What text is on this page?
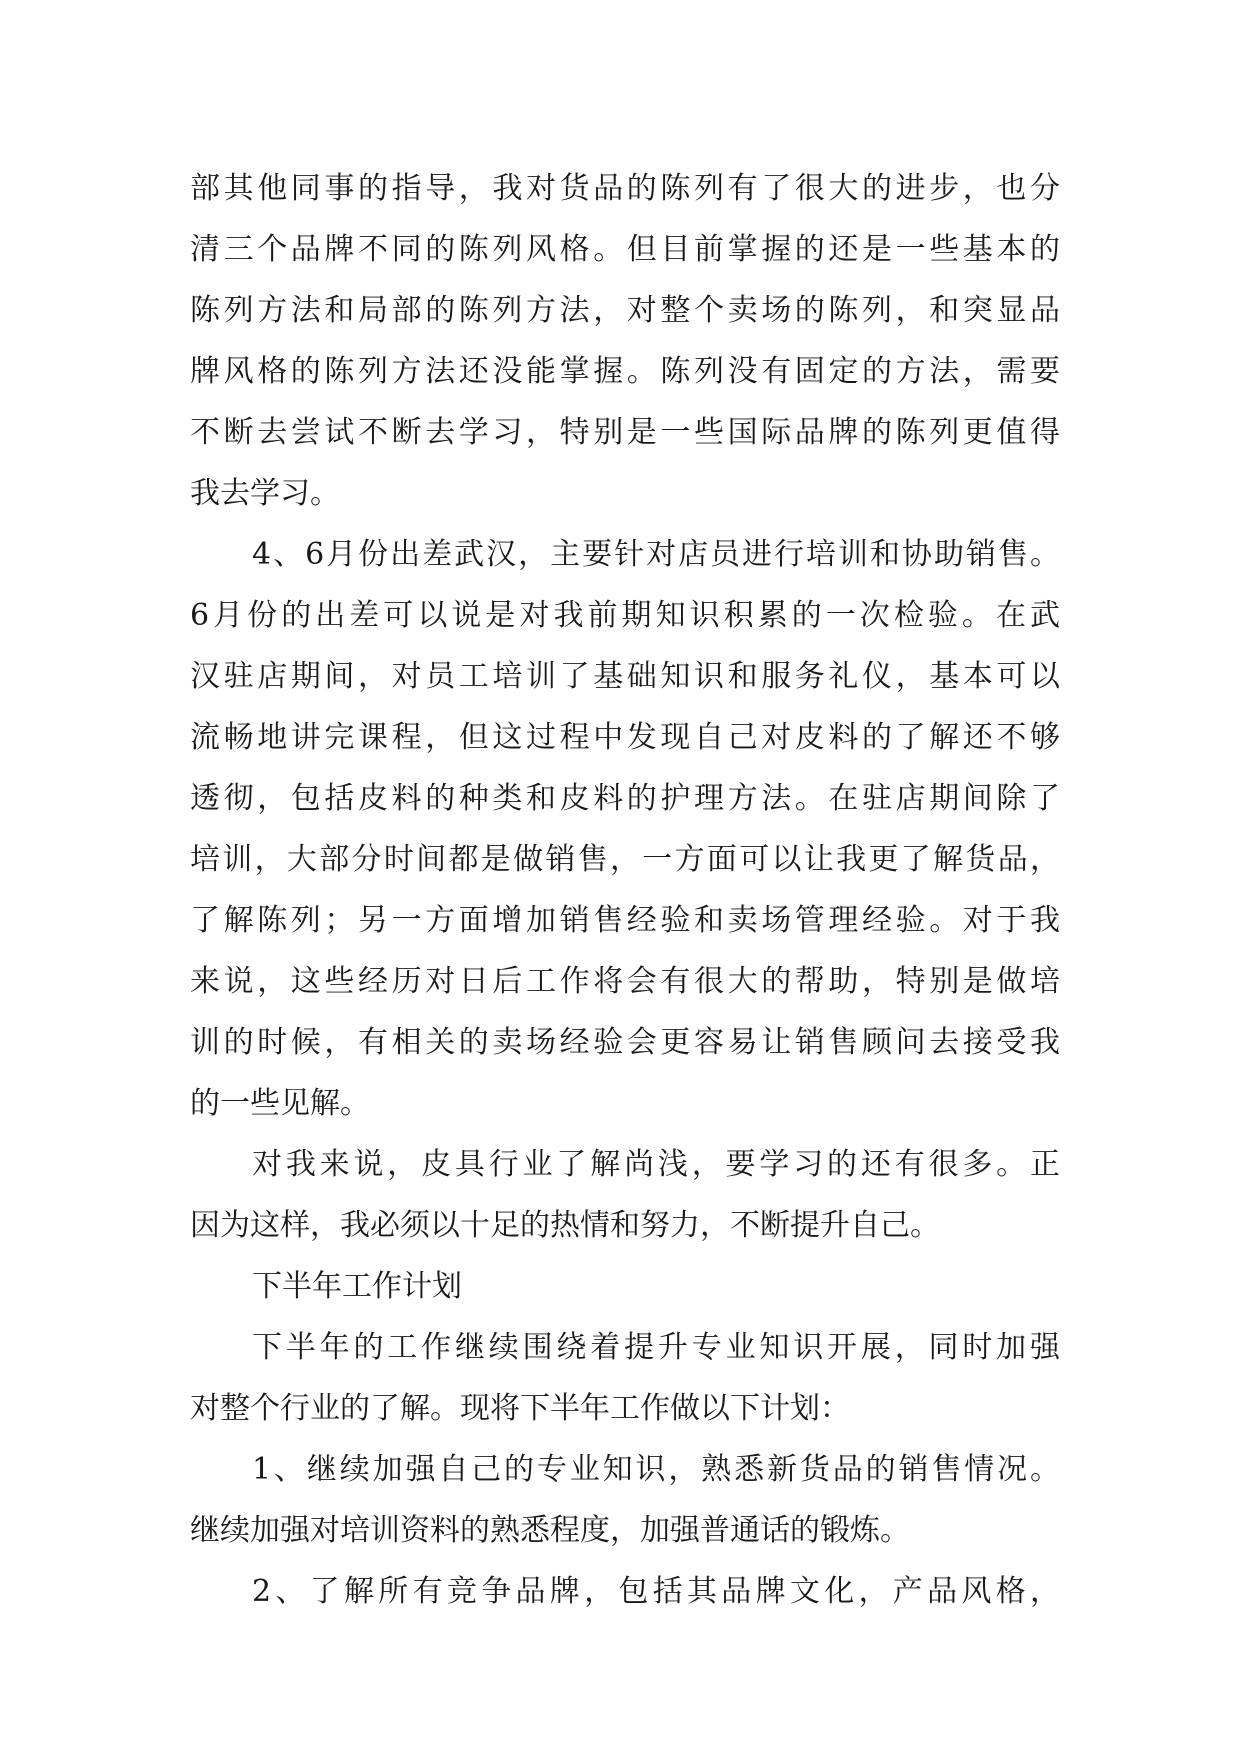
部其他同事的指导，我对货品的陈列有了很大的进步，也分
清三个品牌不同的陈列风格。但目前掌握的还是一些基本的
陈列方法和局部的陈列方法，对整个卖场的陈列，和突显品
牌风格的陈列方法还没能掌握。陈列没有固定的方法，需要
不断去尝试不断去学习，特别是一些国际品牌的陈列更值得
我去学习。
4、6月份出差武汉，主要针对店员进行培训和协助销售。
6月份的出差可以说是对我前期知识积累的一次检验。在武
汉驻店期间，对员工培训了基础知识和服务礼仪，基本可以
流畅地讲完课程，但这过程中发现自己对皮料的了解还不够
透彻，包括皮料的种类和皮料的护理方法。在驻店期间除了
培训，大部分时间都是做销售，一方面可以让我更了解货品，
了解陈列；另一方面增加销售经验和卖场管理经验。对于我
来说，这些经历对日后工作将会有很大的帮助，特别是做培
训的时候，有相关的卖场经验会更容易让销售顾问去接受我
的一些见解。
对我来说，皮具行业了解尚浅，要学习的还有很多。正
因为这样，我必须以十足的热情和努力，不断提升自己。
下半年工作计划
下半年的工作继续围绕着提升专业知识开展，同时加强
对整个行业的了解。现将下半年工作做以下计划：
1、继续加强自己的专业知识，熟悉新货品的销售情况。
继续加强对培训资料的熟悉程度，加强普通话的锻炼。
2、了解所有竞争品牌，包括其品牌文化，产品风格，
